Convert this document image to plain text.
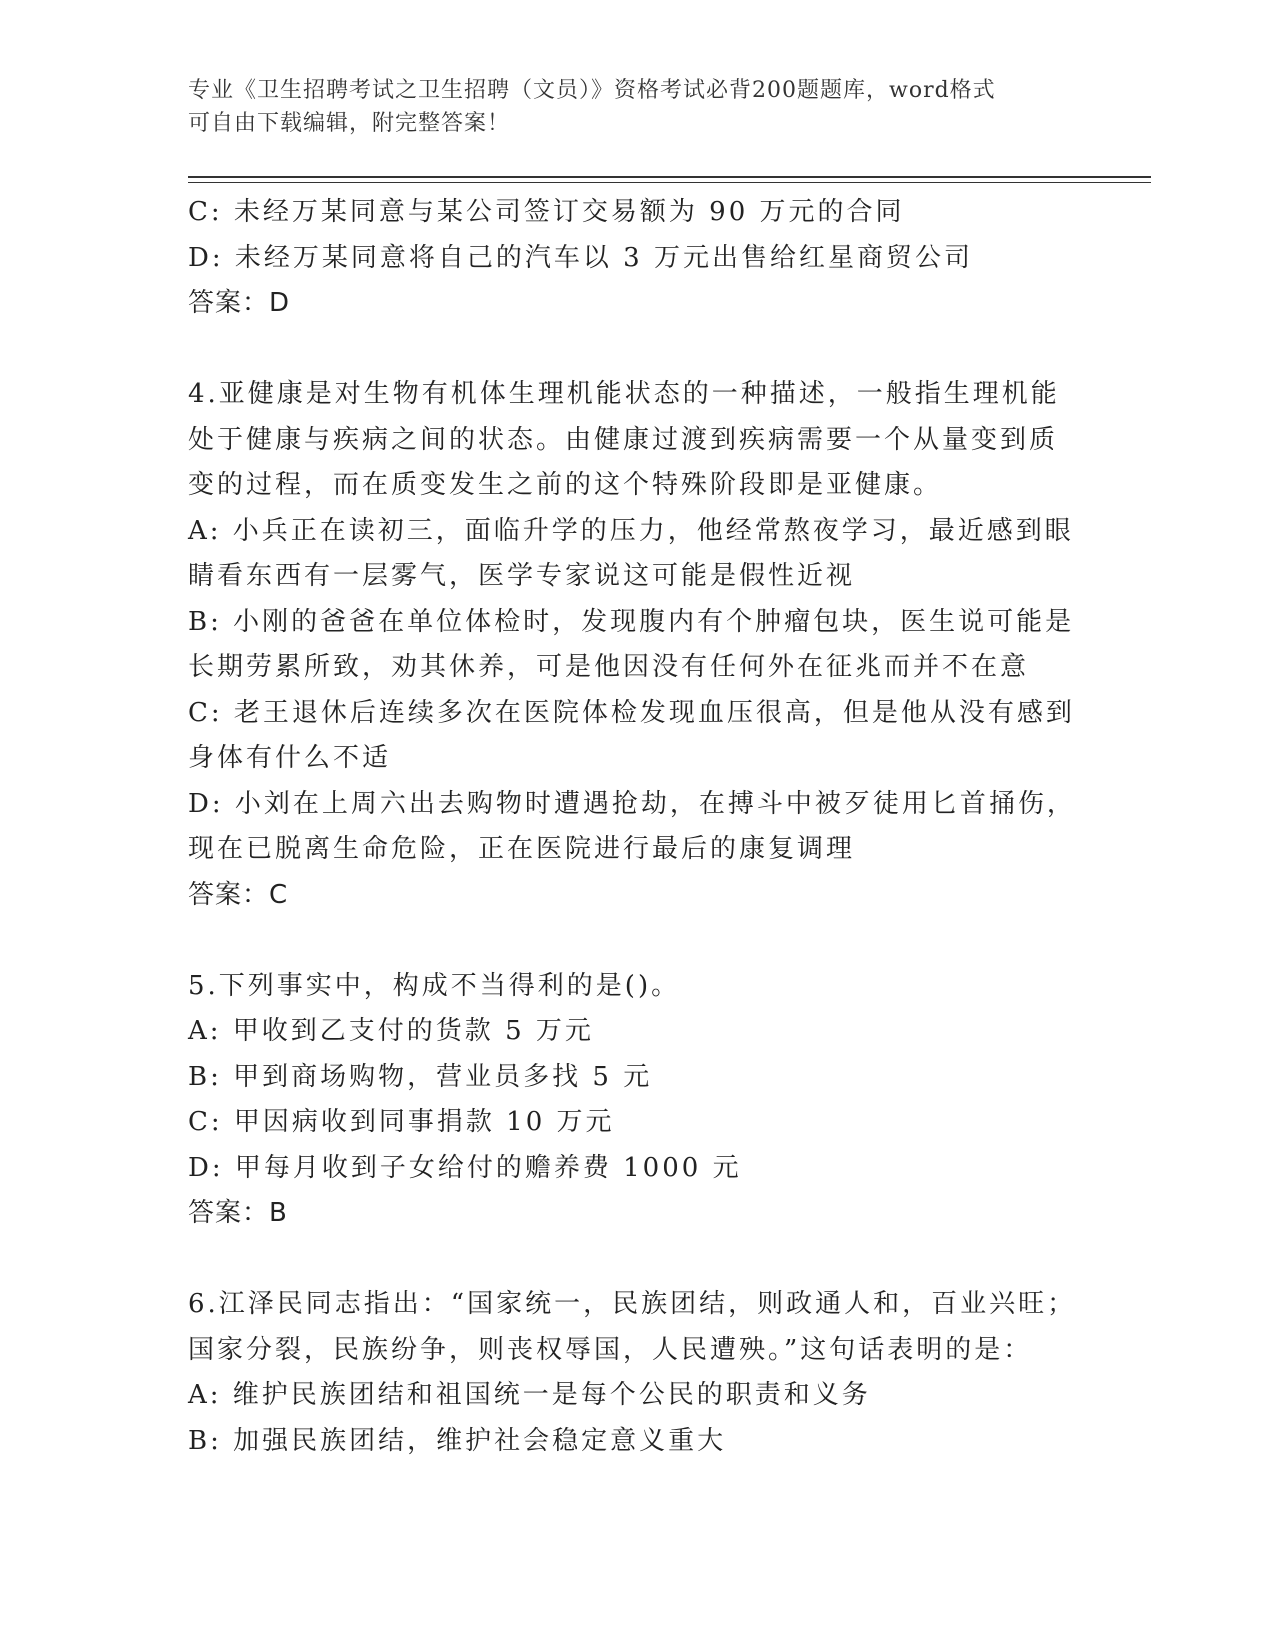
专业《卫生招聘考试之卫生招聘（文员）》资格考试必背200题题库，word格式
可自由下载编辑，附完整答案！
C: 未经万某同意与某公司签订交易额为 90 万元的合同
D: 未经万某同意将自己的汽车以 3 万元出售给红星商贸公司
答案：D
4.亚健康是对生物有机体生理机能状态的一种描述，一般指生理机能
处于健康与疾病之间的状态。由健康过渡到疾病需要一个从量变到质
变的过程，而在质变发生之前的这个特殊阶段即是亚健康。
A: 小兵正在读初三，面临升学的压力，他经常熬夜学习，最近感到眼
睛看东西有一层雾气，医学专家说这可能是假性近视
B: 小刚的爸爸在单位体检时，发现腹内有个肿瘤包块，医生说可能是
长期劳累所致，劝其休养，可是他因没有任何外在征兆而并不在意
C: 老王退休后连续多次在医院体检发现血压很高，但是他从没有感到
身体有什么不适
D: 小刘在上周六出去购物时遭遇抢劫，在搏斗中被歹徒用匕首捅伤，
现在已脱离生命危险，正在医院进行最后的康复调理
答案：C
5.下列事实中，构成不当得利的是()。
A: 甲收到乙支付的货款 5 万元
B: 甲到商场购物，营业员多找 5 元
C: 甲因病收到同事捐款 10 万元
D: 甲每月收到子女给付的赡养费 1000 元
答案：B
6.江泽民同志指出：“国家统一，民族团结，则政通人和，百业兴旺；
国家分裂，民族纷争，则丧权辱国，人民遭殃。”这句话表明的是：
A: 维护民族团结和祖国统一是每个公民的职责和义务
B: 加强民族团结，维护社会稳定意义重大
